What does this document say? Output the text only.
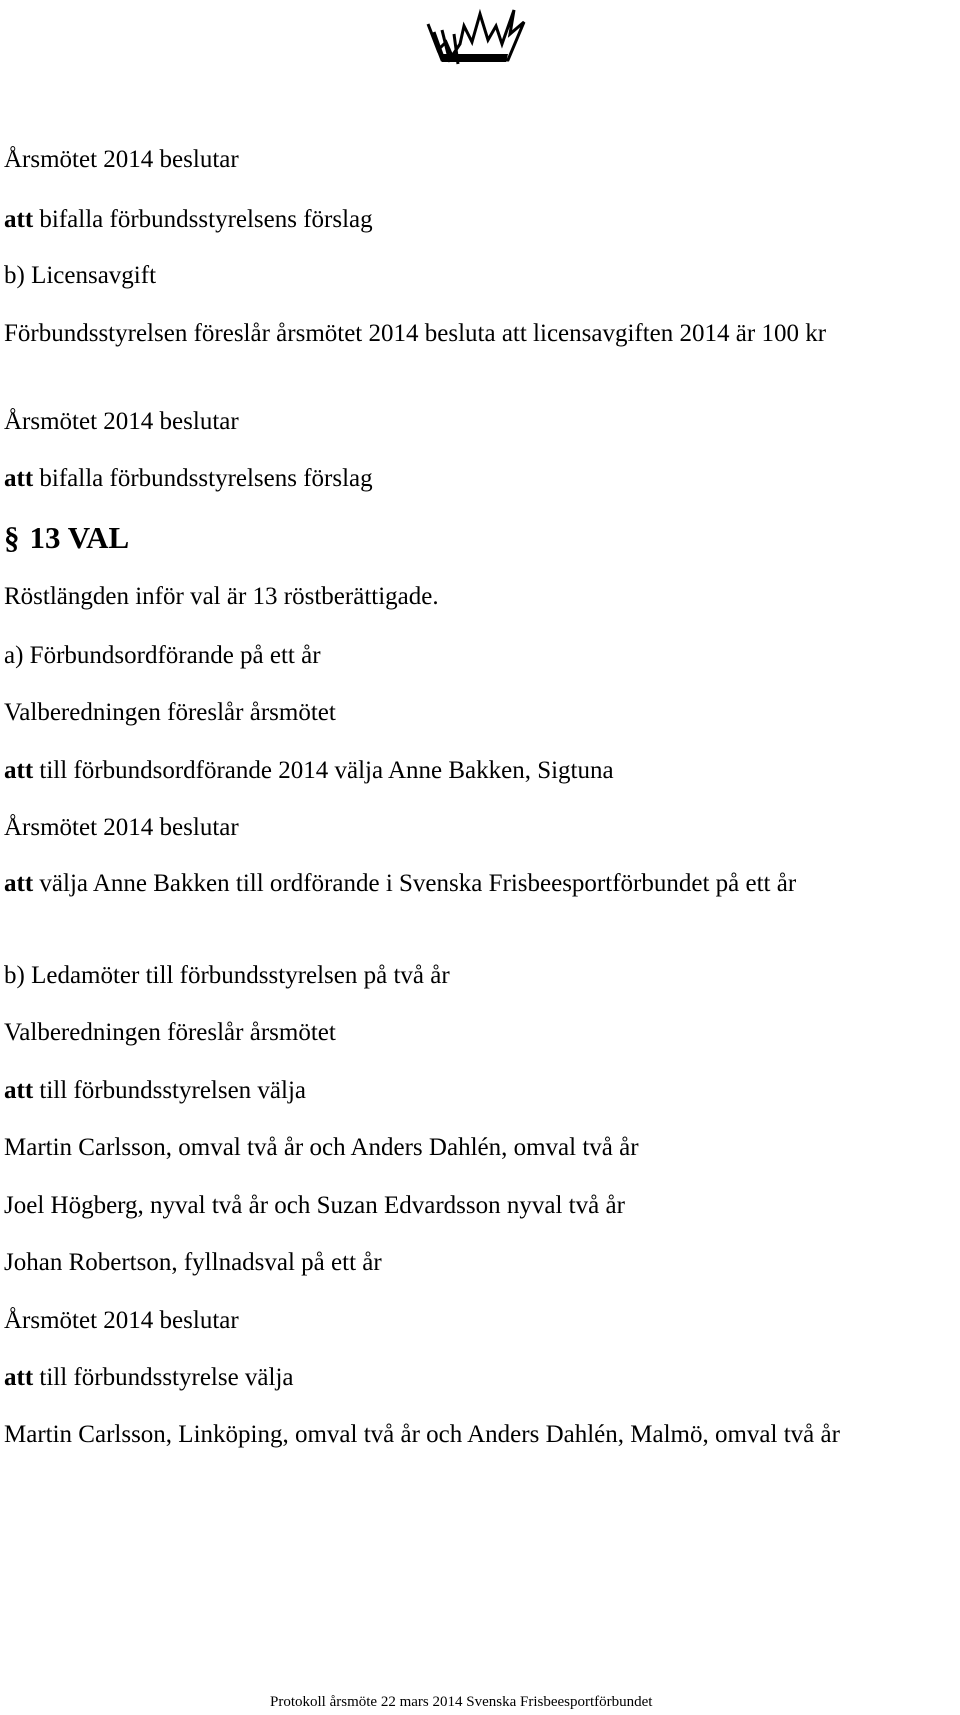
Årsmötet 2014 beslutar

att bifalla förbundsstyrelsens förslag

b) Licensavgift

Förbundsstyrelsen föreslår årsmötet 2014 besluta att licensavgiften 2014 är 100 kr

Årsmötet 2014 beslutar

att bifalla förbundsstyrelsens förslag

§ 13 VAL

Röstlängden inför val är 13 röstberättigade.

a) Förbundsordförande på ett år

Valberedningen föreslår årsmötet

att till förbundsordförande 2014 välja Anne Bakken, Sigtuna

Årsmötet 2014 beslutar

att välja Anne Bakken till ordförande i Svenska Frisbeesportförbundet på ett år

b) Ledamöter till förbundsstyrelsen på två år

Valberedningen föreslår årsmötet

att till förbundsstyrelsen välja

Martin Carlsson, omval två år och Anders Dahlén, omval två år

Joel Högberg, nyval två år och Suzan Edvardsson nyval två år

Johan Robertson, fyllnadsval på ett år

Årsmötet 2014 beslutar

att till förbundsstyrelse välja

Martin Carlsson, Linköping, omval två år och Anders Dahlén, Malmö, omval två år

Protokoll årsmöte 22 mars 2014 Svenska Frisbeesportförbundet
